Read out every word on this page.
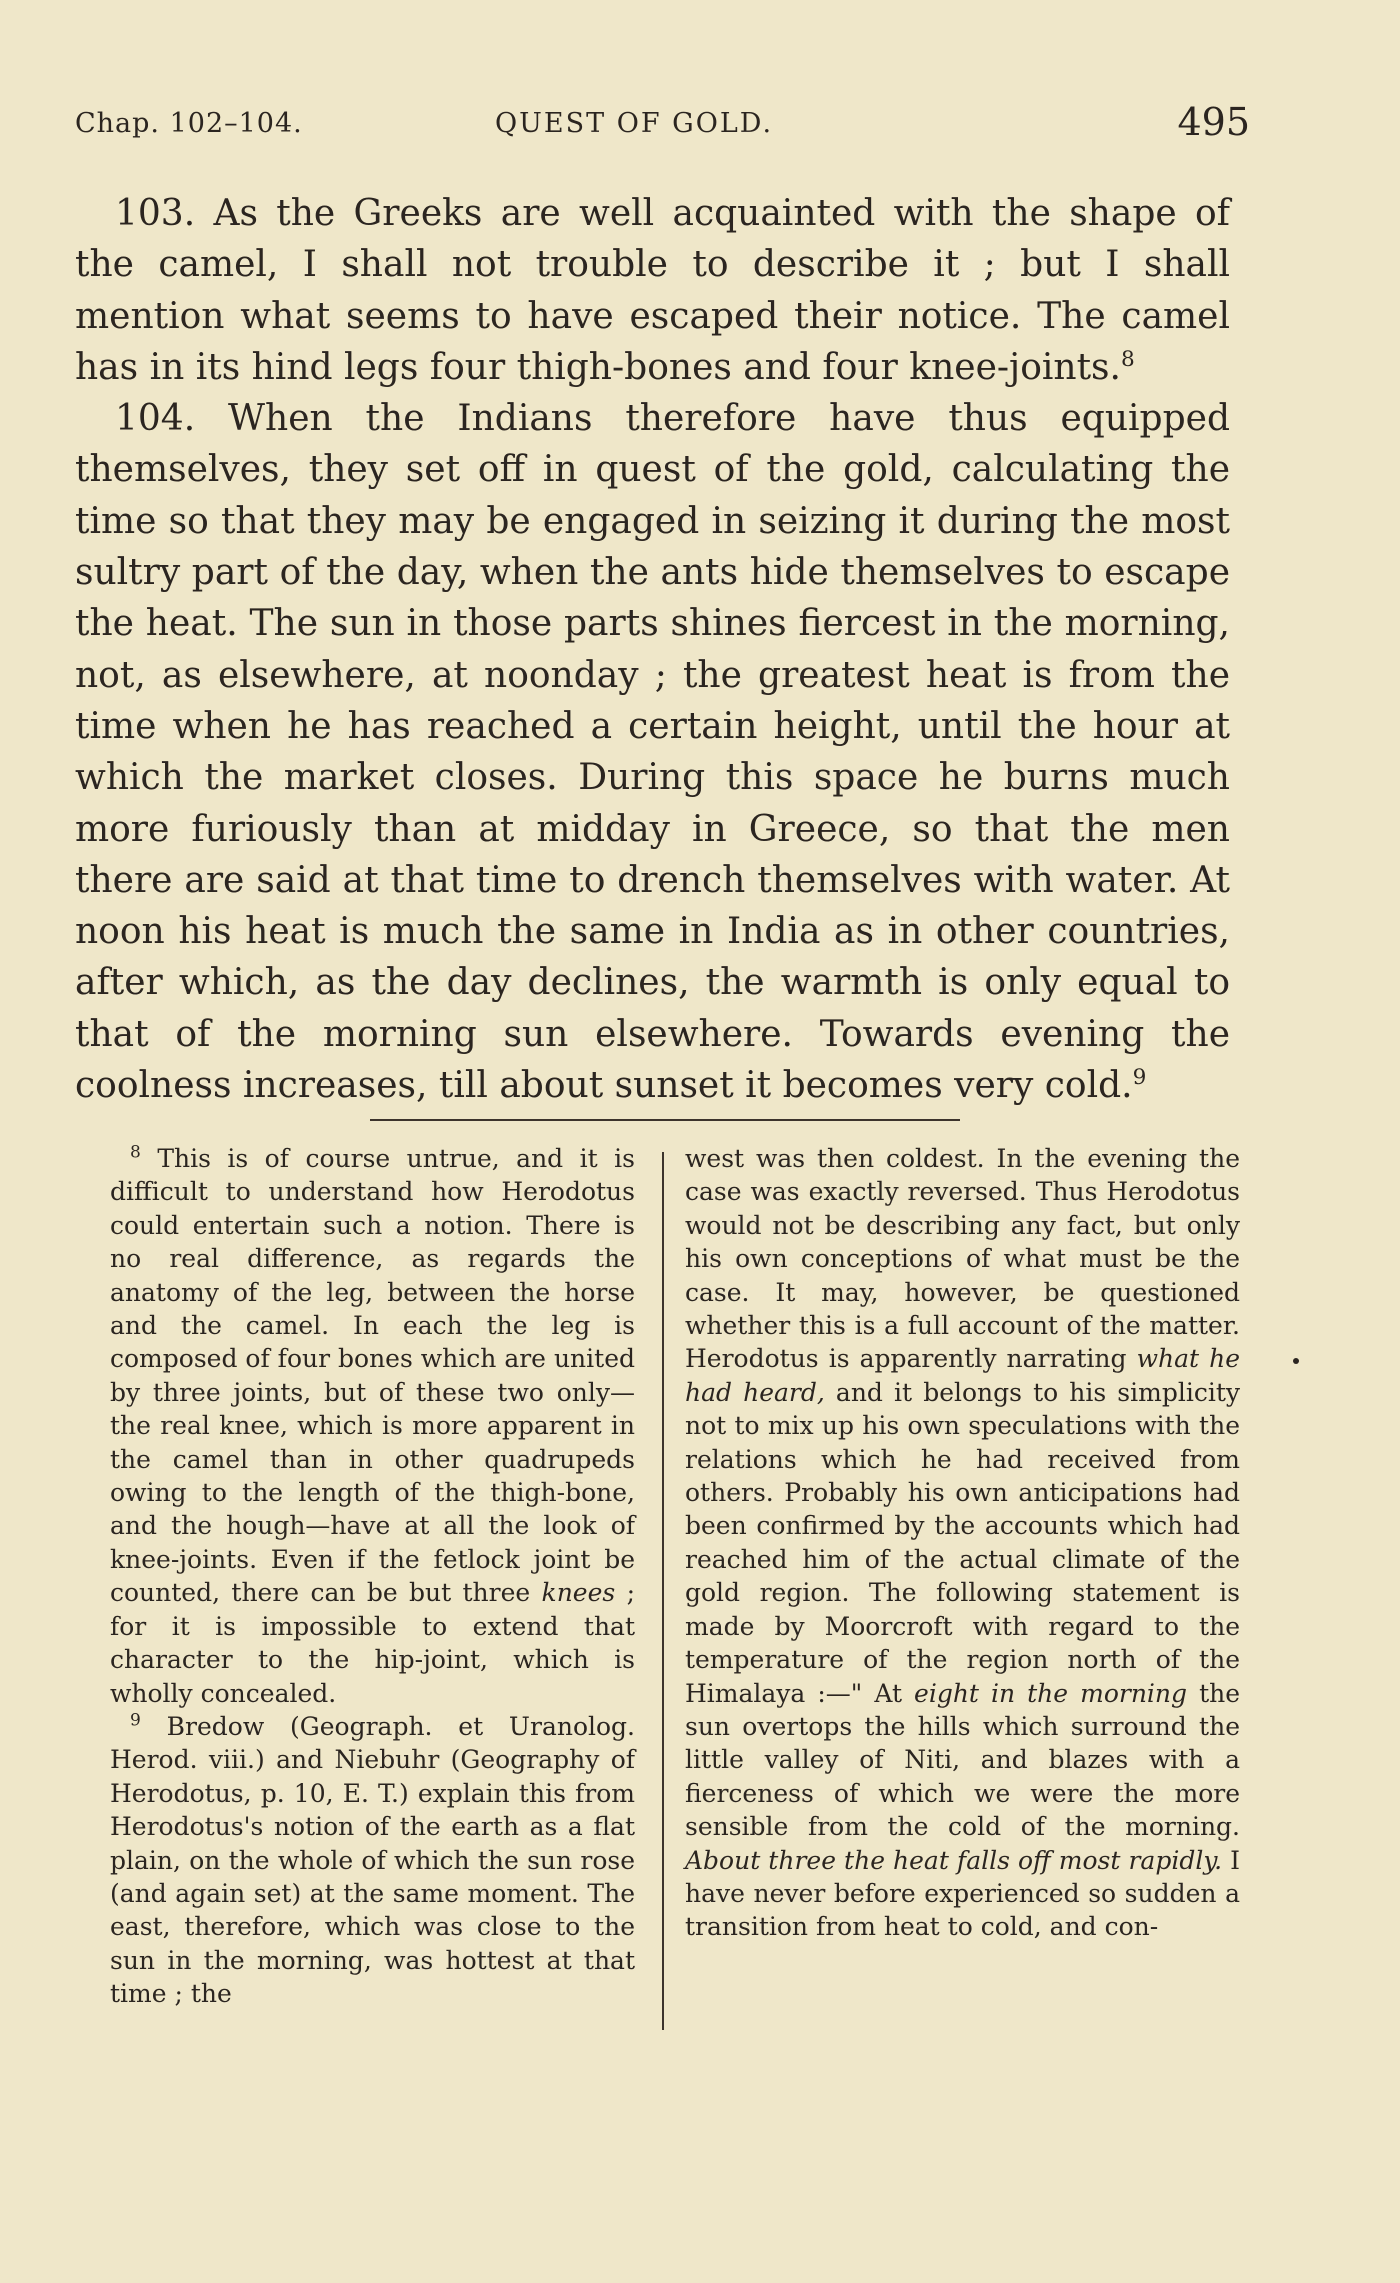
Chap. 102–104.	QUEST OF GOLD.	495

103. As the Greeks are well acquainted with the shape of the camel, I shall not trouble to describe it ; but I shall mention what seems to have escaped their notice. The camel has in its hind legs four thigh-bones and four knee-joints.$^8$

104. When the Indians therefore have thus equipped themselves, they set off in quest of the gold, calculating the time so that they may be engaged in seizing it during the most sultry part of the day, when the ants hide themselves to escape the heat. The sun in those parts shines fiercest in the morning, not, as elsewhere, at noonday ; the greatest heat is from the time when he has reached a certain height, until the hour at which the market closes. During this space he burns much more furiously than at midday in Greece, so that the men there are said at that time to drench themselves with water. At noon his heat is much the same in India as in other countries, after which, as the day declines, the warmth is only equal to that of the morning sun elsewhere. Towards evening the coolness increases, till about sunset it becomes very cold.$^9$

$^8$ This is of course untrue, and it is difficult to understand how Herodotus could entertain such a notion. There is no real difference, as regards the anatomy of the leg, between the horse and the camel. In each the leg is composed of four bones which are united by three joints, but of these two only—the real knee, which is more apparent in the camel than in other quadrupeds owing to the length of the thigh-bone, and the hough—have at all the look of knee-joints. Even if the fetlock joint be counted, there can be but three knees ; for it is impossible to extend that character to the hip-joint, which is wholly concealed.

$^9$ Bredow (Geograph. et Uranolog. Herod. viii.) and Niebuhr (Geography of Herodotus, p. 10, E. T.) explain this from Herodotus's notion of the earth as a flat plain, on the whole of which the sun rose (and again set) at the same moment. The east, therefore, which was close to the sun in the morning, was hottest at that time ; the

west was then coldest. In the evening the case was exactly reversed. Thus Herodotus would not be describing any fact, but only his own conceptions of what must be the case. It may, however, be questioned whether this is a full account of the matter. Herodotus is apparently narrating what he had heard, and it belongs to his simplicity not to mix up his own speculations with the relations which he had received from others. Probably his own anticipations had been confirmed by the accounts which had reached him of the actual climate of the gold region. The following statement is made by Moorcroft with regard to the temperature of the region north of the Himalaya :—" At eight in the morning the sun overtops the hills which surround the little valley of Niti, and blazes with a fierceness of which we were the more sensible from the cold of the morning. About three the heat falls off most rapidly. I have never before experienced so sudden a transition from heat to cold, and con-
